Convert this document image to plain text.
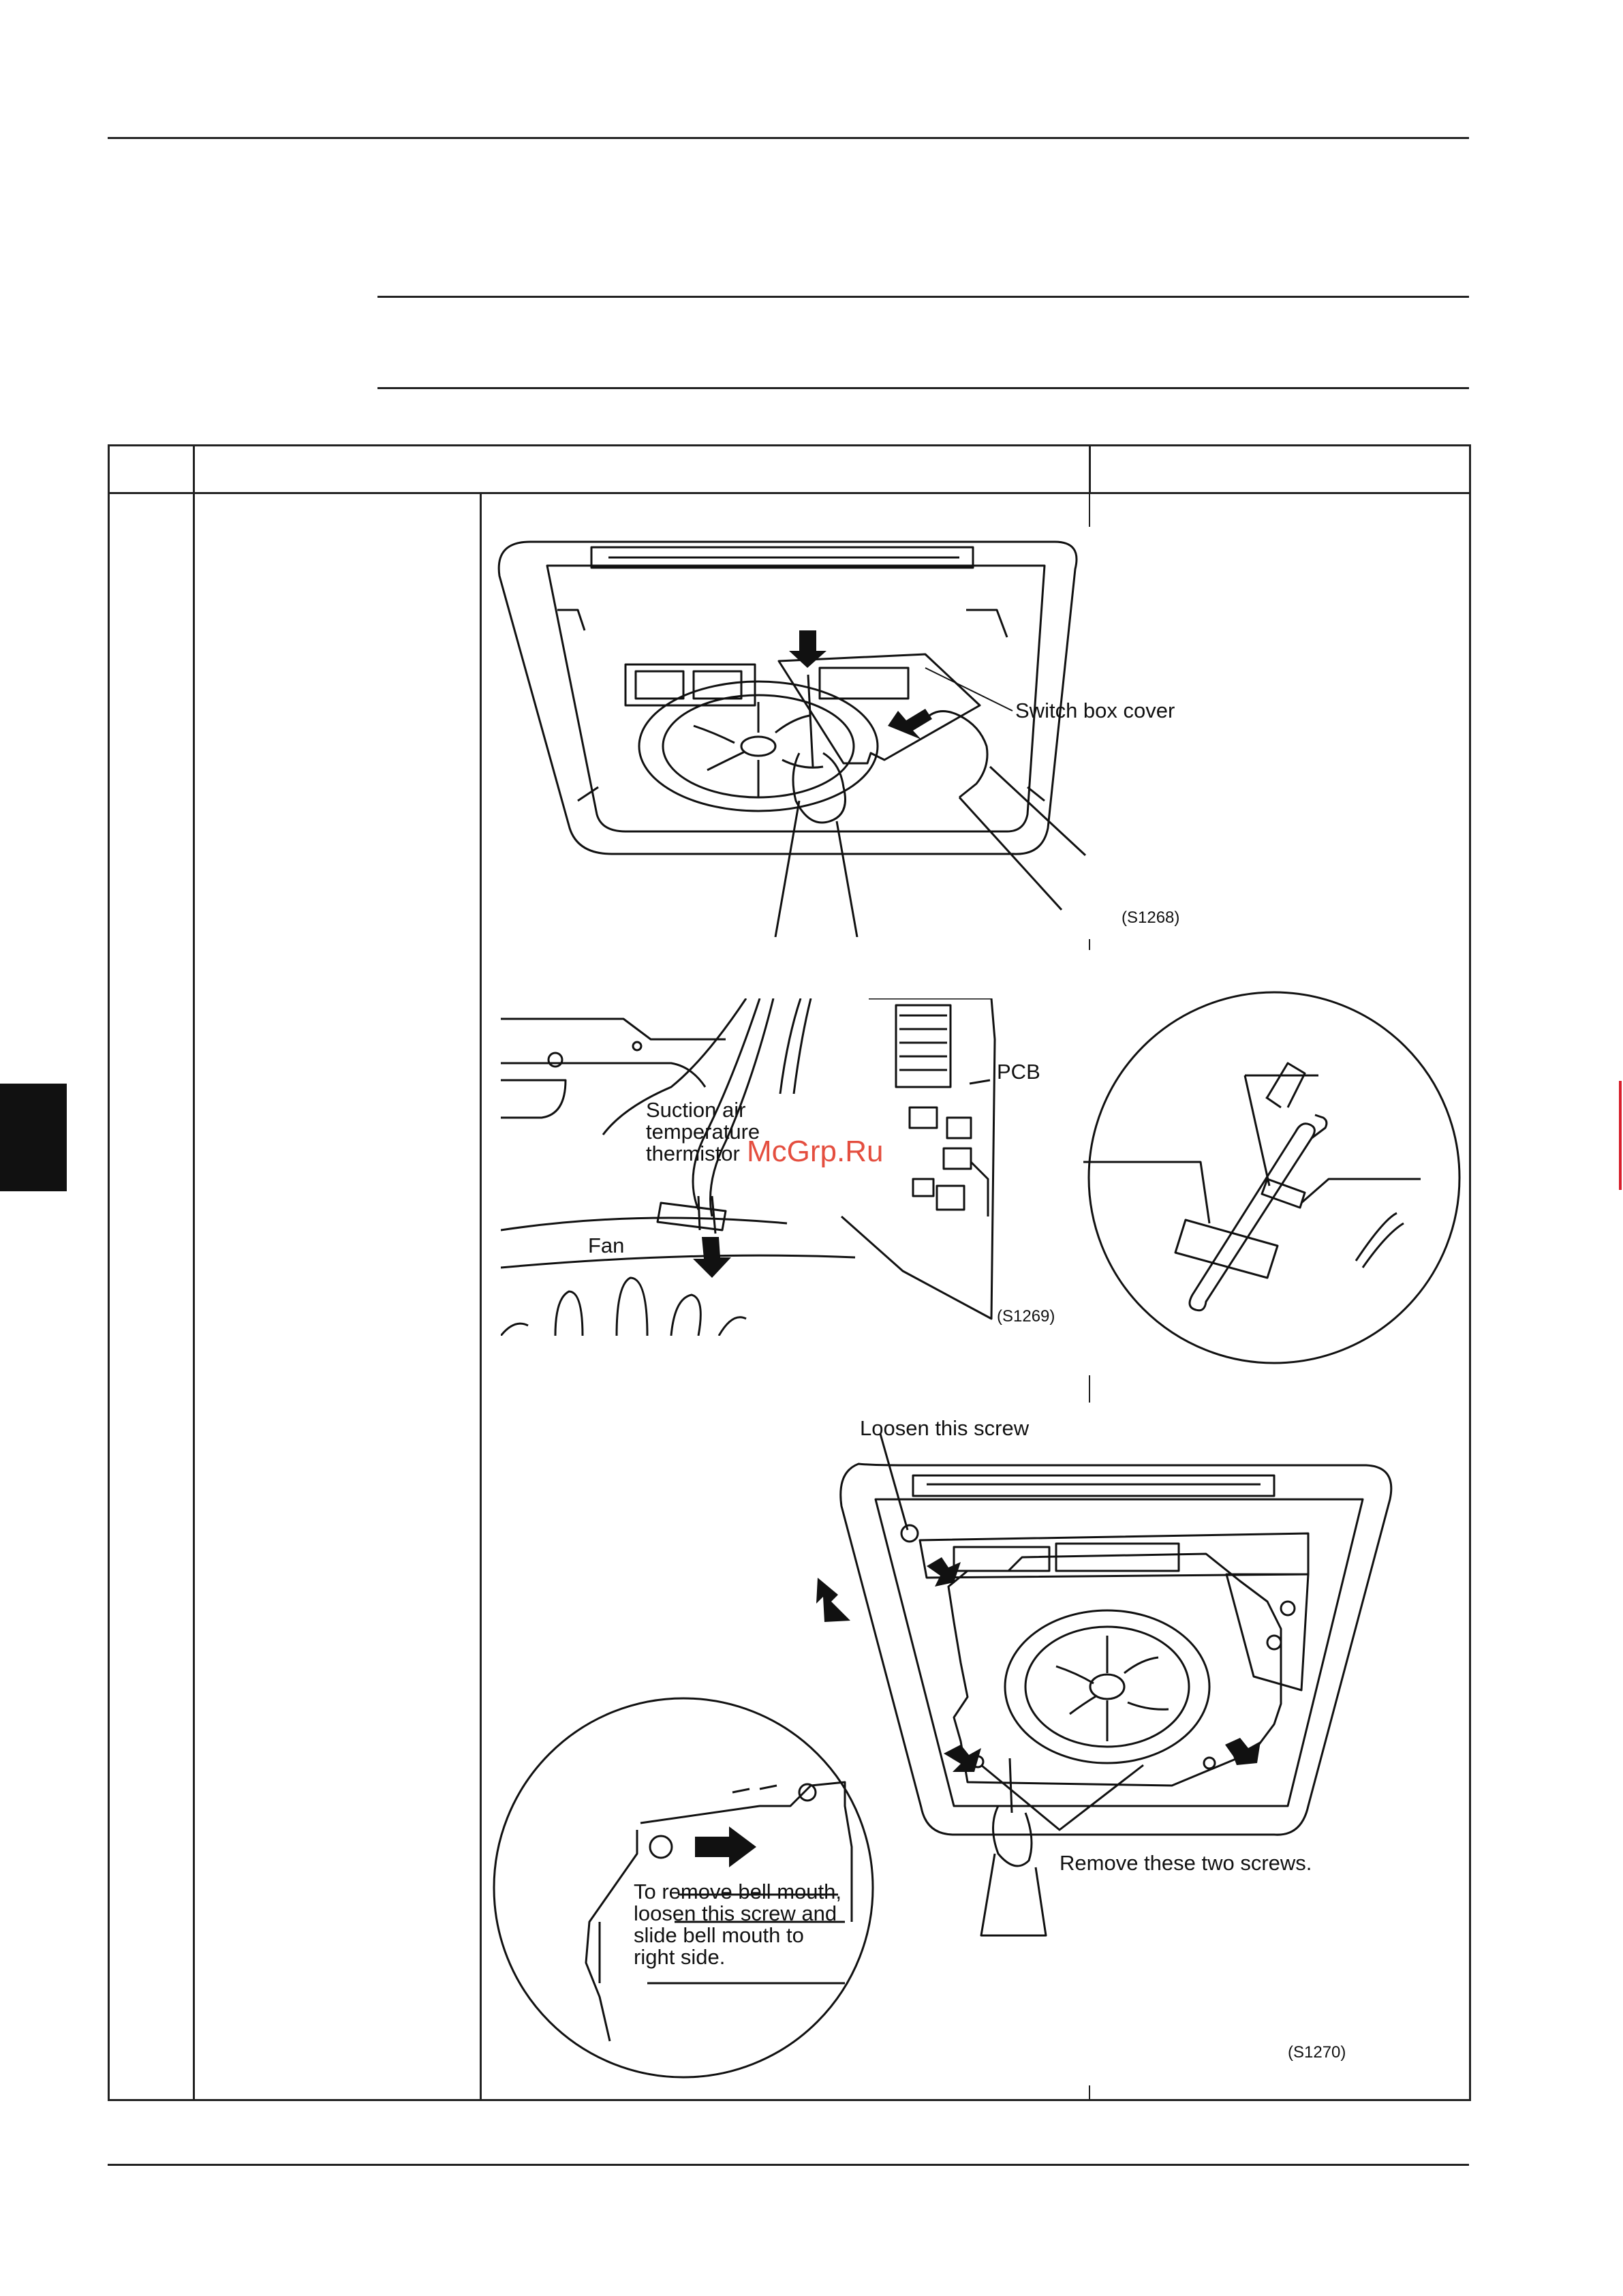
Switch box cover
(S1268)
PCB
Suction air
temperature
thermistor
Fan
(S1269)
Loosen this screw
Remove these two screws.
To remove bell mouth,
loosen this screw and
slide bell mouth to
right side.
(S1270)
McGrp.Ru
